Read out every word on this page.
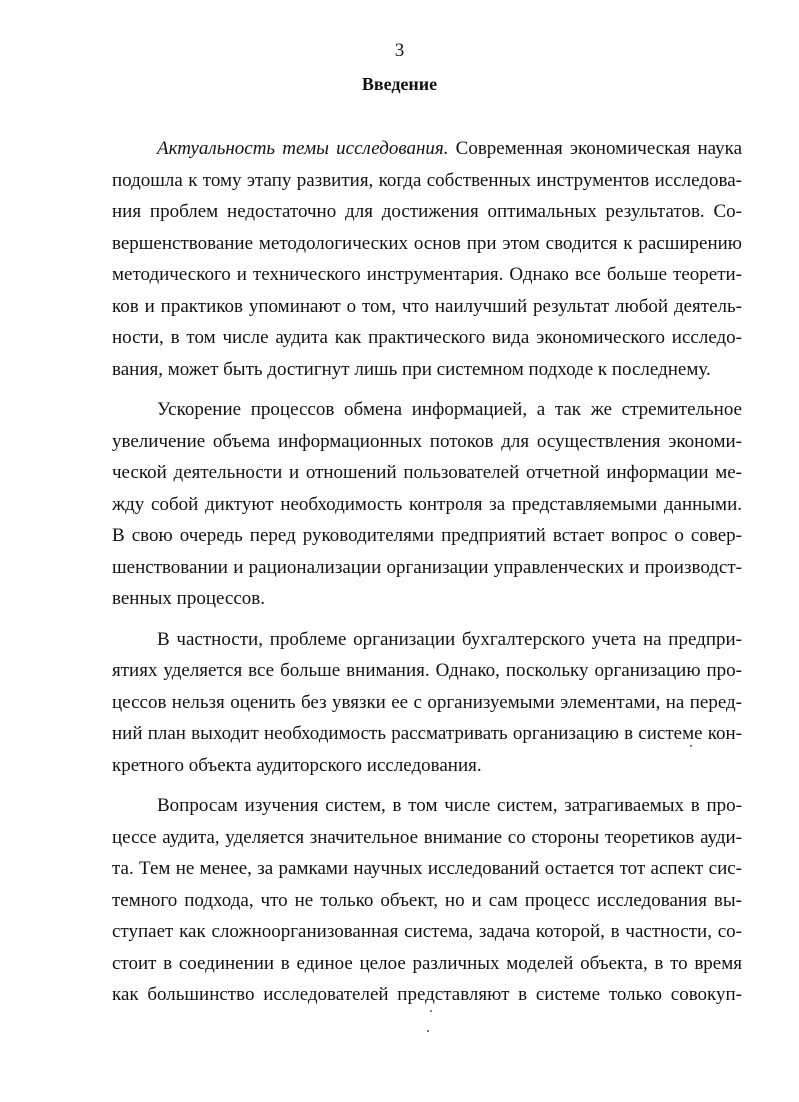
3
Введение
Актуальность темы исследования. Современная экономическая наука
подошла к тому этапу развития, когда собственных инструментов исследова-
ния проблем недостаточно для достижения оптимальных результатов. Со-
вершенствование методологических основ при этом сводится к расширению
методического и технического инструментария. Однако все больше теорети-
ков и практиков упоминают о том, что наилучший результат любой деятель-
ности, в том числе аудита как практического вида экономического исследо-
вания, может быть достигнут лишь при системном подходе к последнему.
Ускорение процессов обмена информацией, а так же стремительное
увеличение объема информационных потоков для осуществления экономи-
ческой деятельности и отношений пользователей отчетной информации ме-
жду собой диктуют необходимость контроля за представляемыми данными.
В свою очередь перед руководителями предприятий встает вопрос о совер-
шенствовании и рационализации организации управленческих и производст-
венных процессов.
В частности, проблеме организации бухгалтерского учета на предпри-
ятиях уделяется все больше внимания. Однако, поскольку организацию про-
цессов нельзя оценить без увязки ее с организуемыми элементами, на перед-
ний план выходит необходимость рассматривать организацию в системе кон-
кретного объекта аудиторского исследования.
Вопросам изучения систем, в том числе систем, затрагиваемых в про-
цессе аудита, уделяется значительное внимание со стороны теоретиков ауди-
та. Тем не менее, за рамками научных исследований остается тот аспект сис-
темного подхода, что не только объект, но и сам процесс исследования вы-
ступает как сложноорганизованная система, задача которой, в частности, со-
стоит в соединении в единое целое различных моделей объекта, в то время
как большинство исследователей представляют в системе только совокуп-
